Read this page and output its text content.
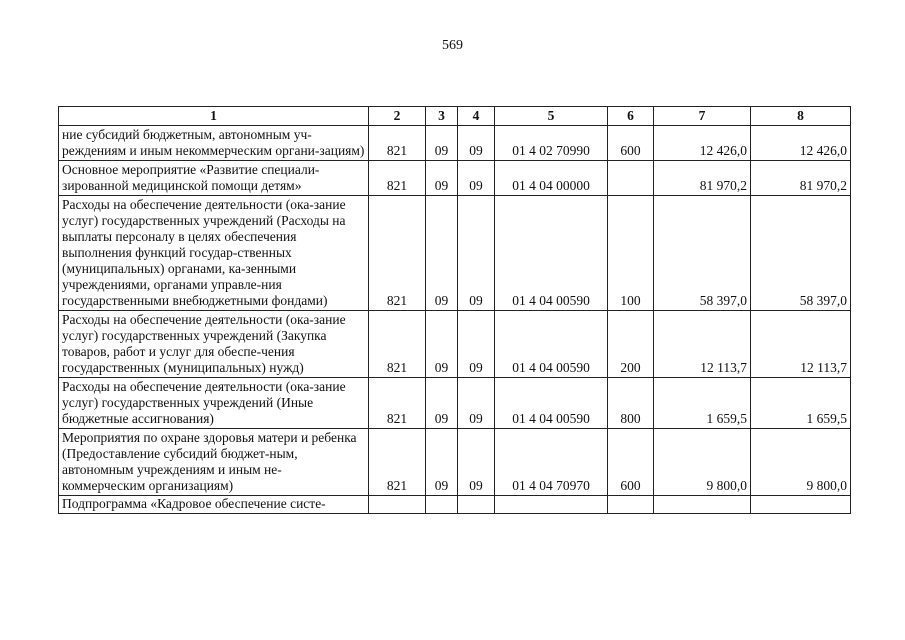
569
1	2	3	4	5	6	7	8
ние субсидий бюджетным, автономным уч-реждениям и иным некоммерческим органи-зациям)	821	09	09	01 4 02 70990	600	12 426,0	12 426,0
Основное мероприятие «Развитие специали-зированной медицинской помощи детям»	821	09	09	01 4 04 00000		81 970,2	81 970,2
Расходы на обеспечение деятельности (ока-зание услуг) государственных учреждений (Расходы на выплаты персоналу в целях обеспечения выполнения функций государ-ственных (муниципальных) органами, ка-зенными учреждениями, органами управле-ния государственными внебюджетными фондами)	821	09	09	01 4 04 00590	100	58 397,0	58 397,0
Расходы на обеспечение деятельности (ока-зание услуг) государственных учреждений (Закупка товаров, работ и услуг для обеспе-чения государственных (муниципальных) нужд)	821	09	09	01 4 04 00590	200	12 113,7	12 113,7
Расходы на обеспечение деятельности (ока-зание услуг) государственных учреждений (Иные бюджетные ассигнования)	821	09	09	01 4 04 00590	800	1 659,5	1 659,5
Мероприятия по охране здоровья матери и ребенка (Предоставление субсидий бюджет-ным, автономным учреждениям и иным не-коммерческим организациям)	821	09	09	01 4 04 70970	600	9 800,0	9 800,0
Подпрограмма «Кадровое обеспечение систе-							
